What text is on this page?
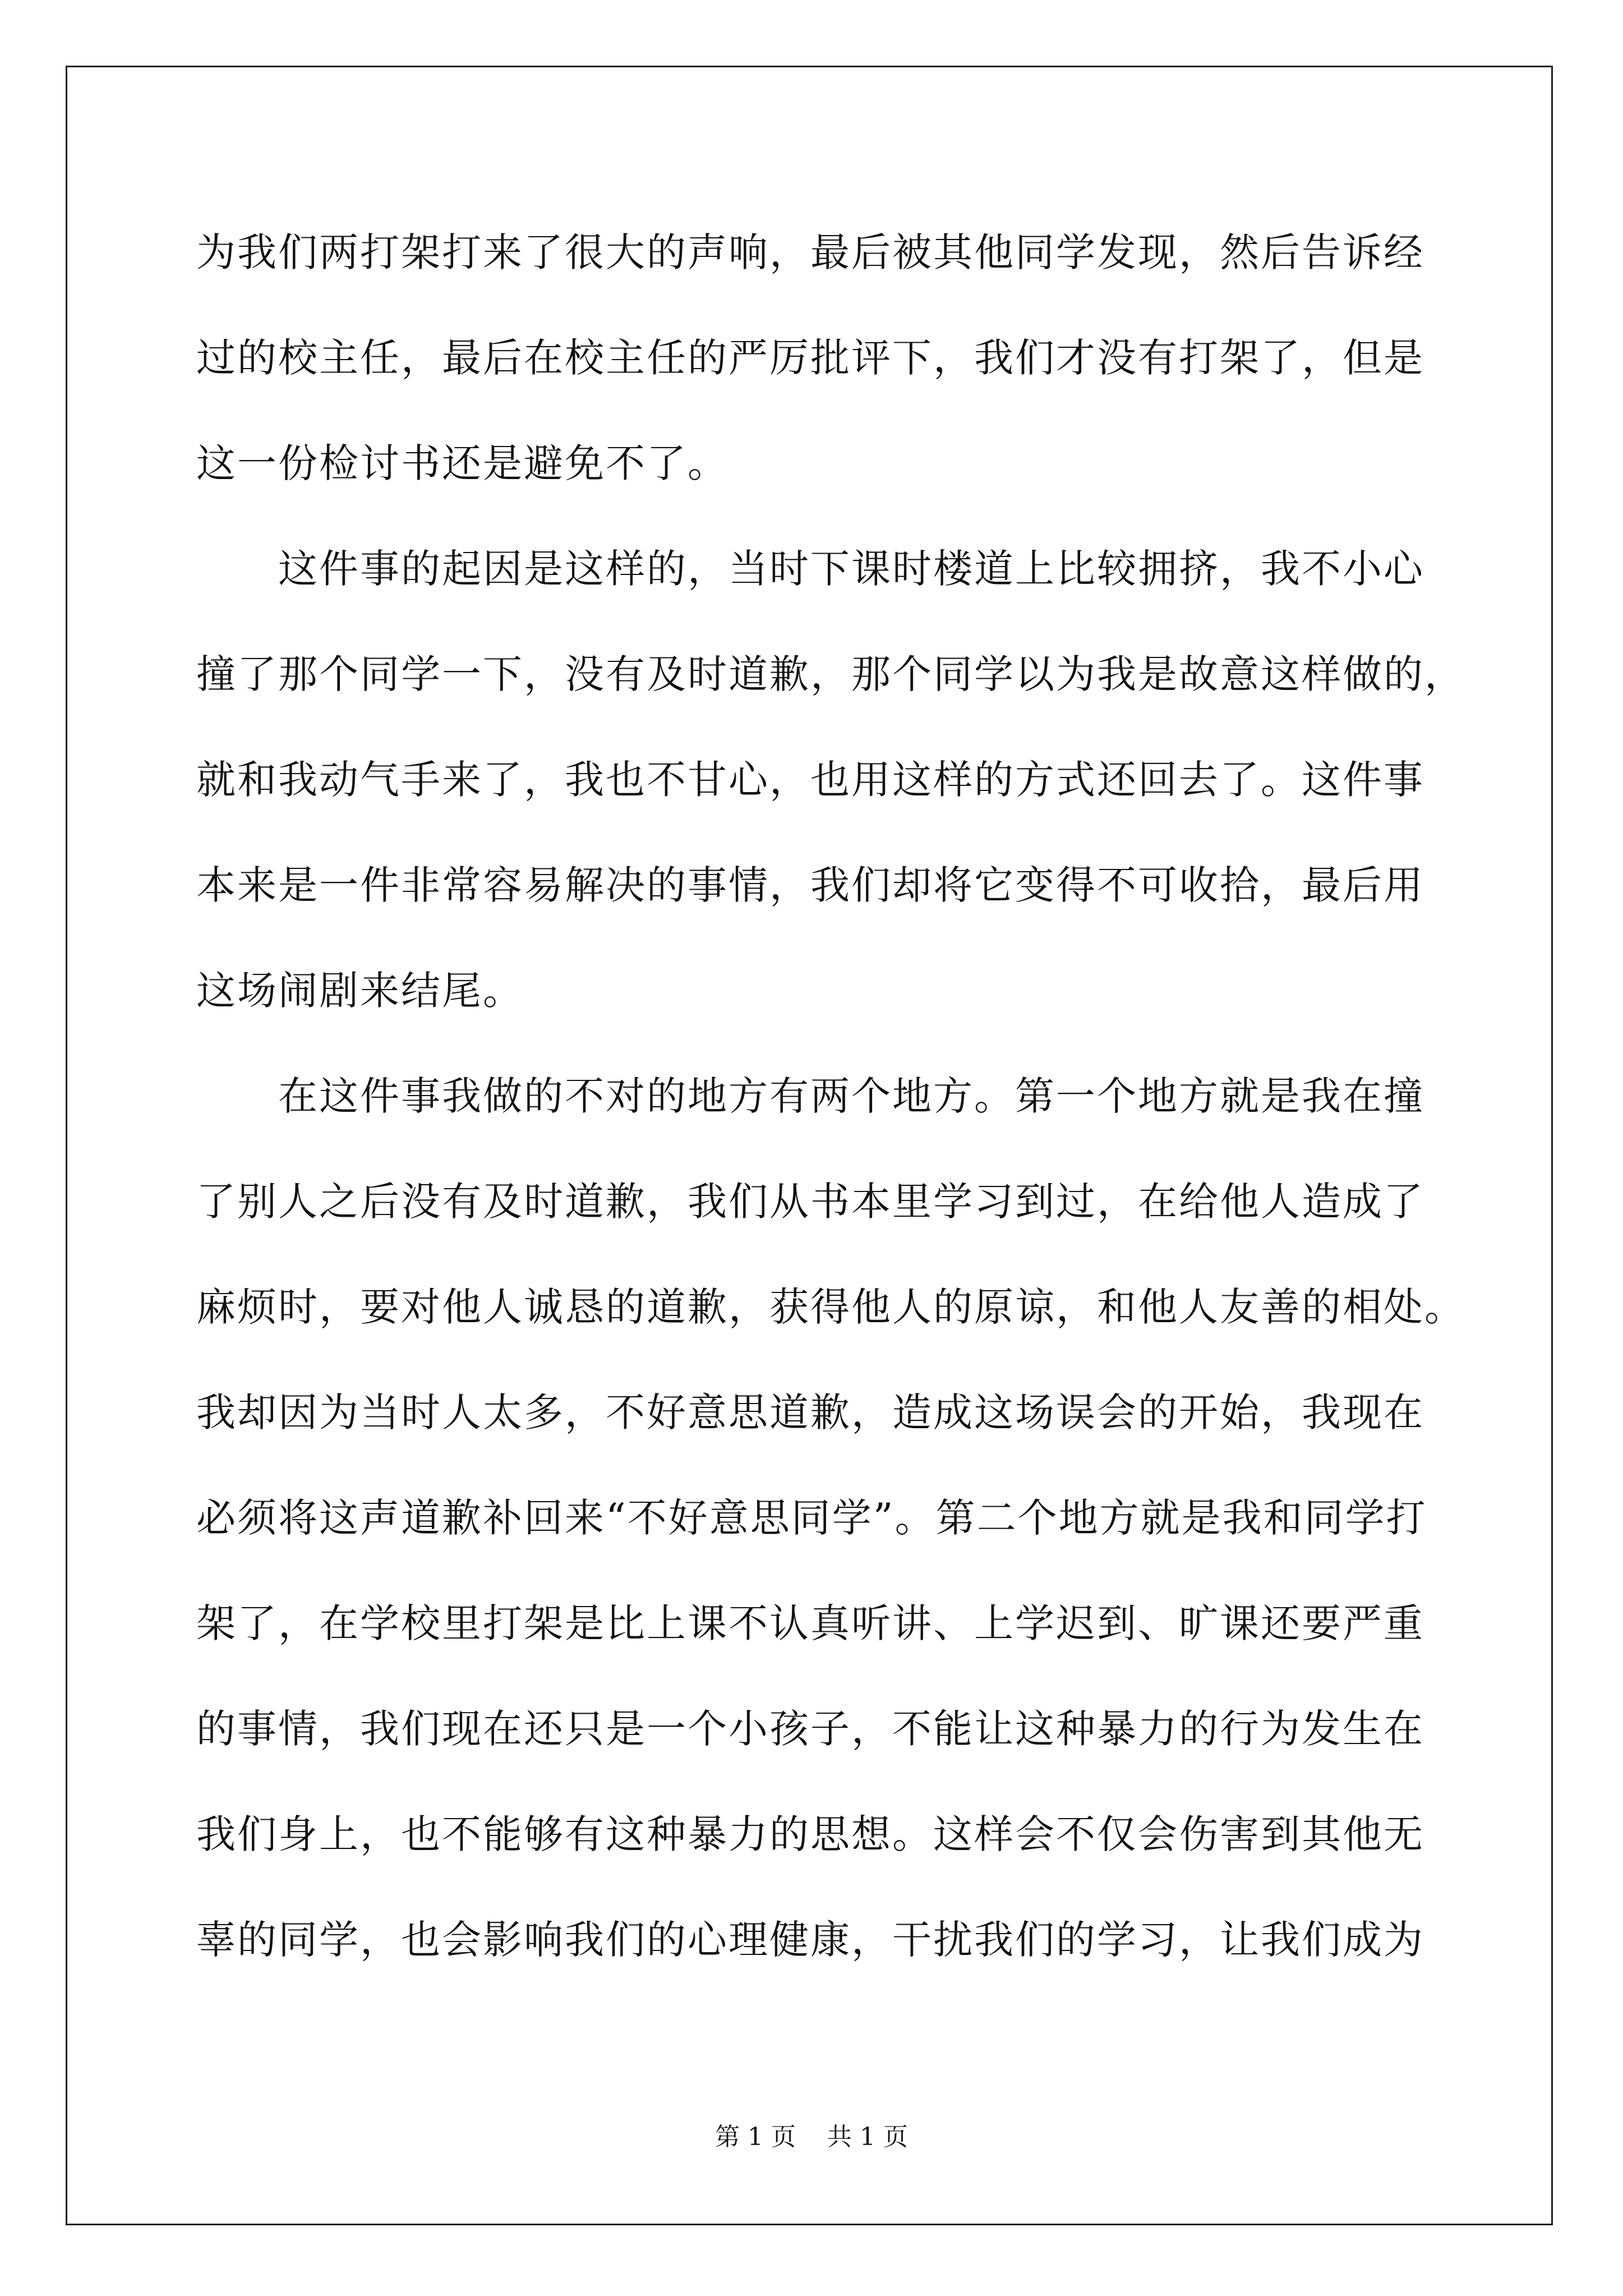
为我们两打架打来了很大的声响，最后被其他同学发现，然后告诉经
过的校主任，最后在校主任的严厉批评下，我们才没有打架了，但是
这一份检讨书还是避免不了。
　　这件事的起因是这样的，当时下课时楼道上比较拥挤，我不小心
撞了那个同学一下，没有及时道歉，那个同学以为我是故意这样做的，
就和我动气手来了，我也不甘心，也用这样的方式还回去了。这件事
本来是一件非常容易解决的事情，我们却将它变得不可收拾，最后用
这场闹剧来结尾。
　　在这件事我做的不对的地方有两个地方。第一个地方就是我在撞
了别人之后没有及时道歉，我们从书本里学习到过，在给他人造成了
麻烦时，要对他人诚恳的道歉，获得他人的原谅，和他人友善的相处。
我却因为当时人太多，不好意思道歉，造成这场误会的开始，我现在
必须将这声道歉补回来“不好意思同学”。第二个地方就是我和同学打
架了，在学校里打架是比上课不认真听讲、上学迟到、旷课还要严重
的事情，我们现在还只是一个小孩子，不能让这种暴力的行为发生在
我们身上，也不能够有这种暴力的思想。这样会不仅会伤害到其他无
辜的同学，也会影响我们的心理健康，干扰我们的学习，让我们成为
第 1 页 共 1 页
